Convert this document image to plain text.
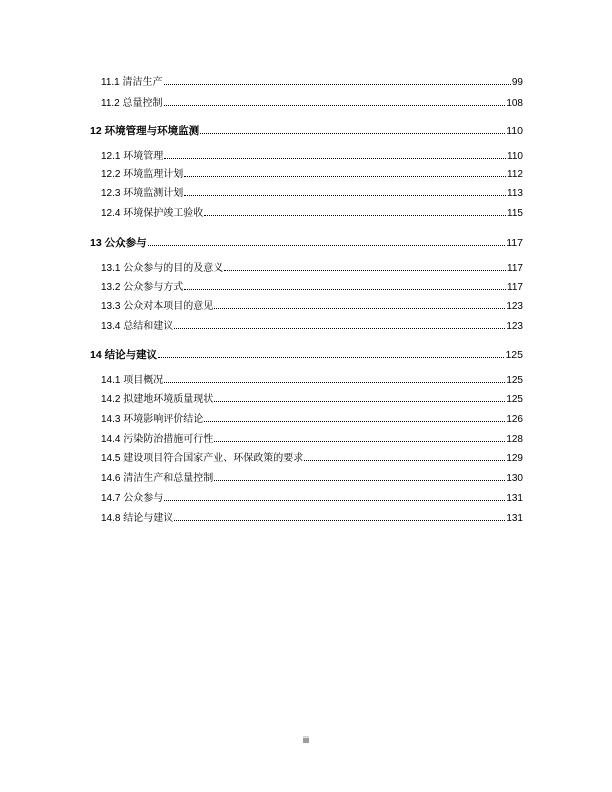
11.1 清洁生产	99
11.2 总量控制	108
12 环境管理与环境监测	110
12.1 环境管理	110
12.2 环境监理计划	112
12.3 环境监测计划	113
12.4 环境保护竣工验收	115
13 公众参与	117
13.1 公众参与的目的及意义	117
13.2 公众参与方式	117
13.3 公众对本项目的意见	123
13.4 总结和建议	123
14 结论与建议	125
14.1 项目概况	125
14.2 拟建地环境质量现状	125
14.3 环境影响评价结论	126
14.4 污染防治措施可行性	128
14.5 建设项目符合国家产业、环保政策的要求	129
14.6 清洁生产和总量控制	130
14.7 公众参与	131
14.8 结论与建议	131
iii
